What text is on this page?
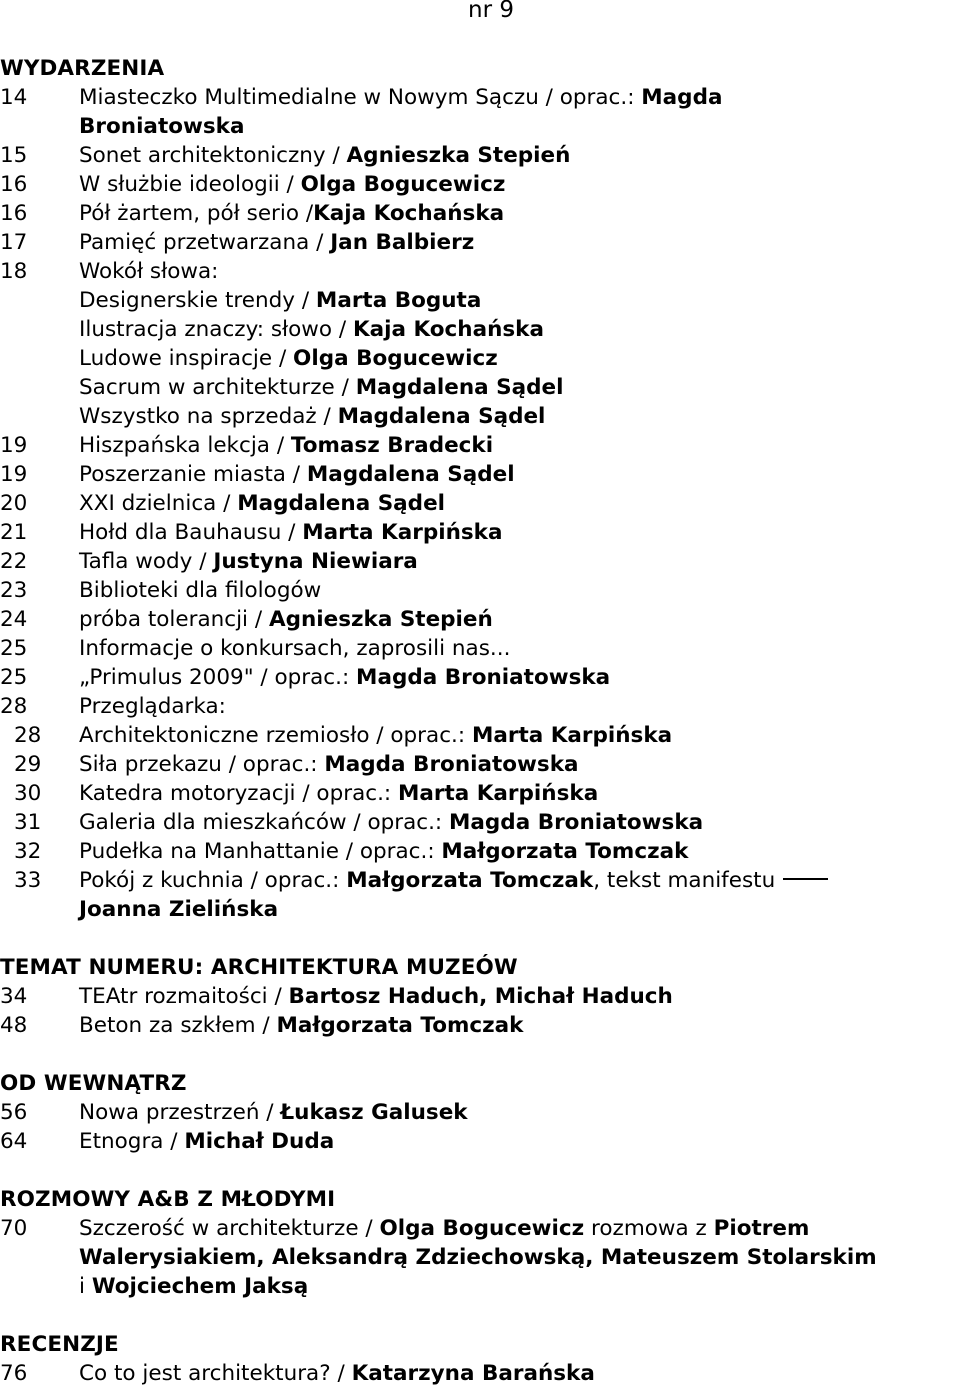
nr 9
WYDARZENIA
14 Miasteczko Multimedialne w Nowym Sączu / oprac.: Magda
Broniatowska
15 Sonet architektoniczny / Agnieszka Stepień
16 W służbie ideologii / Olga Bogucewicz
16 Pół żartem, pół serio /Kaja Kochańska
17 Pamięć przetwarzana / Jan Balbierz
18 Wokół słowa:
Designerskie trendy / Marta Boguta
Ilustracja znaczy: słowo / Kaja Kochańska
Ludowe inspiracje / Olga Bogucewicz
Sacrum w architekturze / Magdalena Sądel
Wszystko na sprzedaż / Magdalena Sądel
19 Hiszpańska lekcja / Tomasz Bradecki
19 Poszerzanie miasta / Magdalena Sądel
20 XXI dzielnica / Magdalena Sądel
21 Hołd dla Bauhausu / Marta Karpińska
22 Tafla wody / Justyna Niewiara
23 Biblioteki dla filologów
24 próba tolerancji / Agnieszka Stepień
25 Informacje o konkursach, zaprosili nas...
25 „Primulus 2009" / oprac.: Magda Broniatowska
28 Przeglądarka:
28 Architektoniczne rzemiosło / oprac.: Marta Karpińska
29 Siła przekazu / oprac.: Magda Broniatowska
30 Katedra motoryzacji / oprac.: Marta Karpińska
31 Galeria dla mieszkańców / oprac.: Magda Broniatowska
32 Pudełka na Manhattanie / oprac.: Małgorzata Tomczak
33 Pokój z kuchnia / oprac.: Małgorzata Tomczak, tekst manifestu
Joanna Zielińska
TEMAT NUMERU: ARCHITEKTURA MUZEÓW
34 TEAtr rozmaitości / Bartosz Haduch, Michał Haduch
48 Beton za szkłem / Małgorzata Tomczak
OD WEWNĄTRZ
56 Nowa przestrzeń / Łukasz Galusek
64 Etnogra / Michał Duda
ROZMOWY A&B Z MŁODYMI
70 Szczerość w architekturze / Olga Bogucewicz rozmowa z Piotrem
Walerysiakiem, Aleksandrą Zdziechowską, Mateuszem Stolarskim
i Wojciechem Jaksą
RECENZJE
76 Co to jest architektura? / Katarzyna Barańska
